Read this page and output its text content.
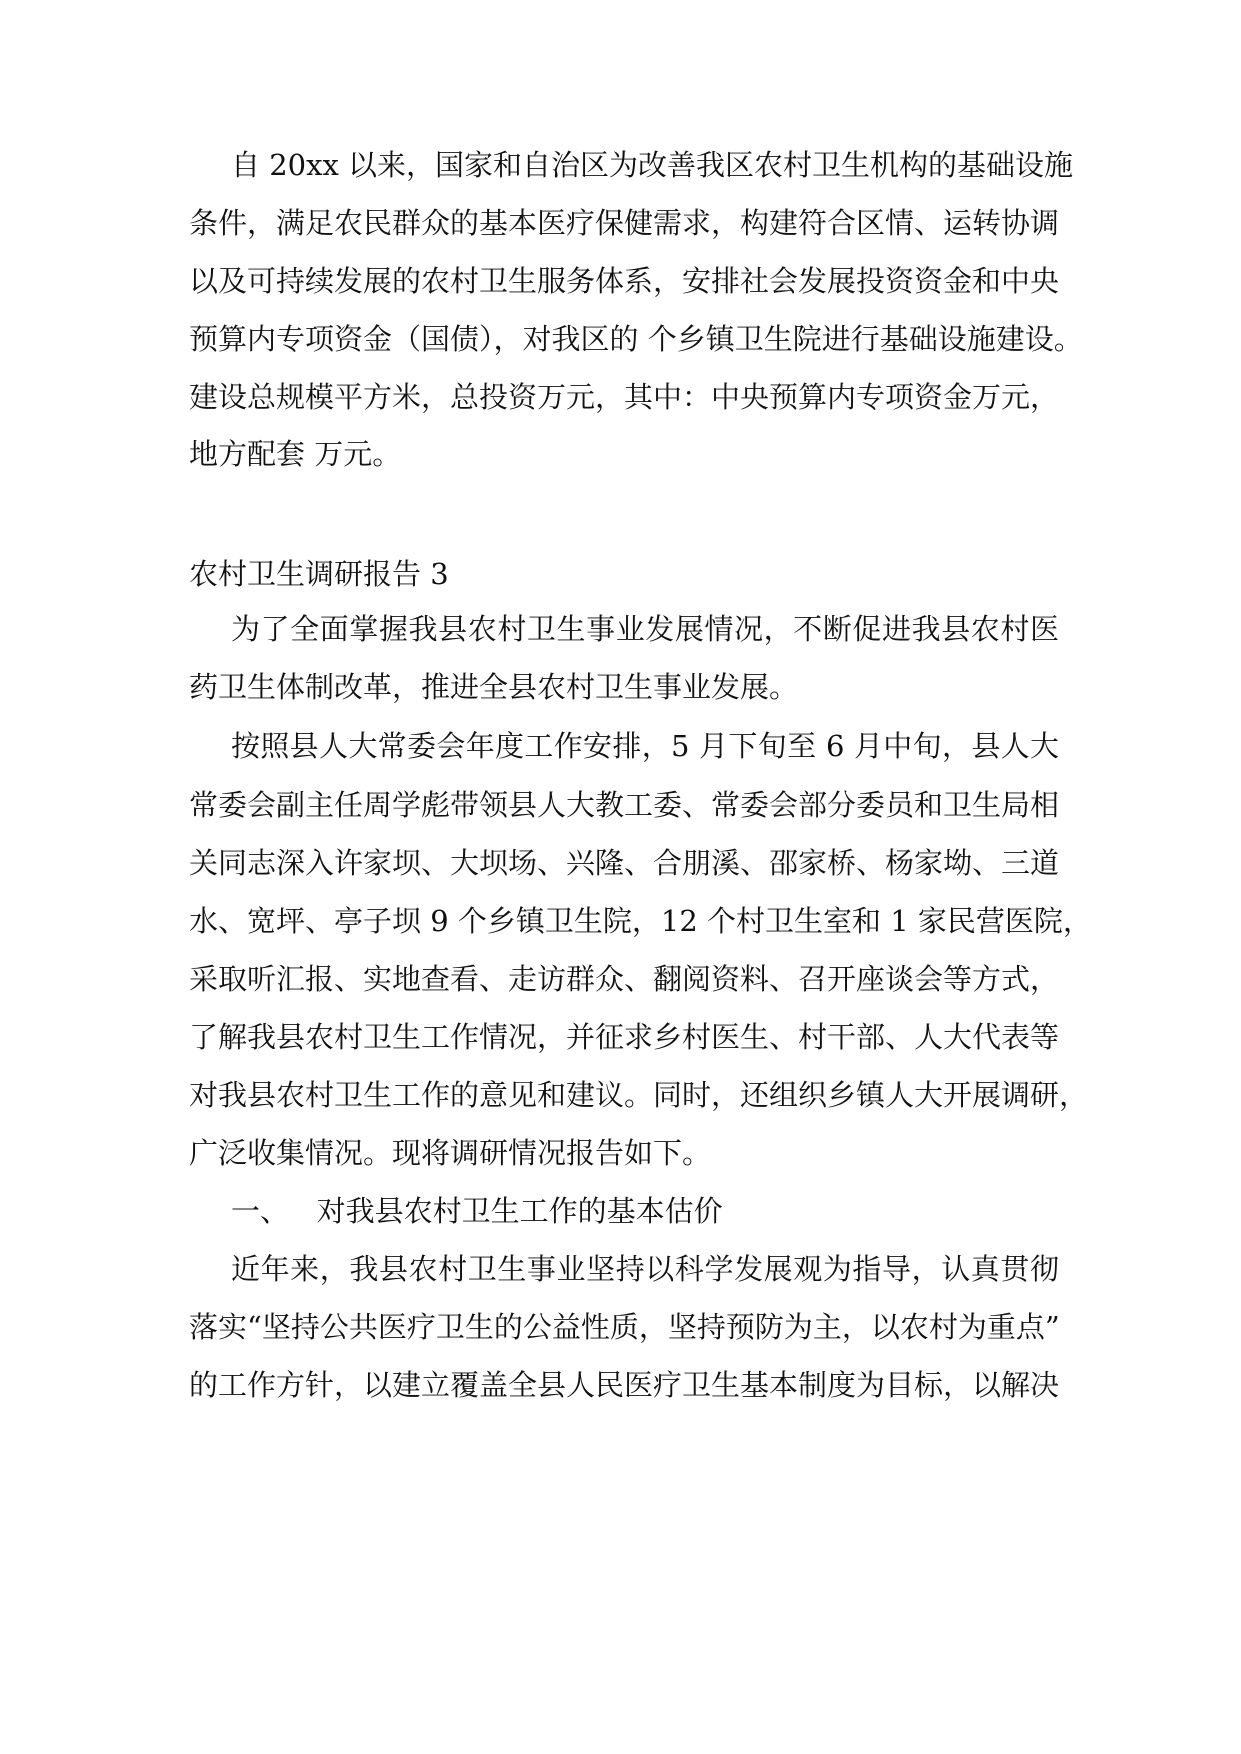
自 20xx 以来，国家和自治区为改善我区农村卫生机构的基础设施
条件，满足农民群众的基本医疗保健需求，构建符合区情、运转协调
以及可持续发展的农村卫生服务体系，安排社会发展投资资金和中央
预算内专项资金（国债），对我区的 个乡镇卫生院进行基础设施建设。
建设总规模平方米，总投资万元，其中：中央预算内专项资金万元，
地方配套 万元。
农村卫生调研报告 3
为了全面掌握我县农村卫生事业发展情况，不断促进我县农村医
药卫生体制改革，推进全县农村卫生事业发展。
按照县人大常委会年度工作安排，5 月下旬至 6 月中旬，县人大
常委会副主任周学彪带领县人大教工委、常委会部分委员和卫生局相
关同志深入许家坝、大坝场、兴隆、合朋溪、邵家桥、杨家坳、三道
水、宽坪、亭子坝 9 个乡镇卫生院，12 个村卫生室和 1 家民营医院，
采取听汇报、实地查看、走访群众、翻阅资料、召开座谈会等方式，
了解我县农村卫生工作情况，并征求乡村医生、村干部、人大代表等
对我县农村卫生工作的意见和建议。同时，还组织乡镇人大开展调研，
广泛收集情况。现将调研情况报告如下。
一、   对我县农村卫生工作的基本估价
近年来，我县农村卫生事业坚持以科学发展观为指导，认真贯彻
落实“坚持公共医疗卫生的公益性质，坚持预防为主，以农村为重点”
的工作方针，以建立覆盖全县人民医疗卫生基本制度为目标，以解决
